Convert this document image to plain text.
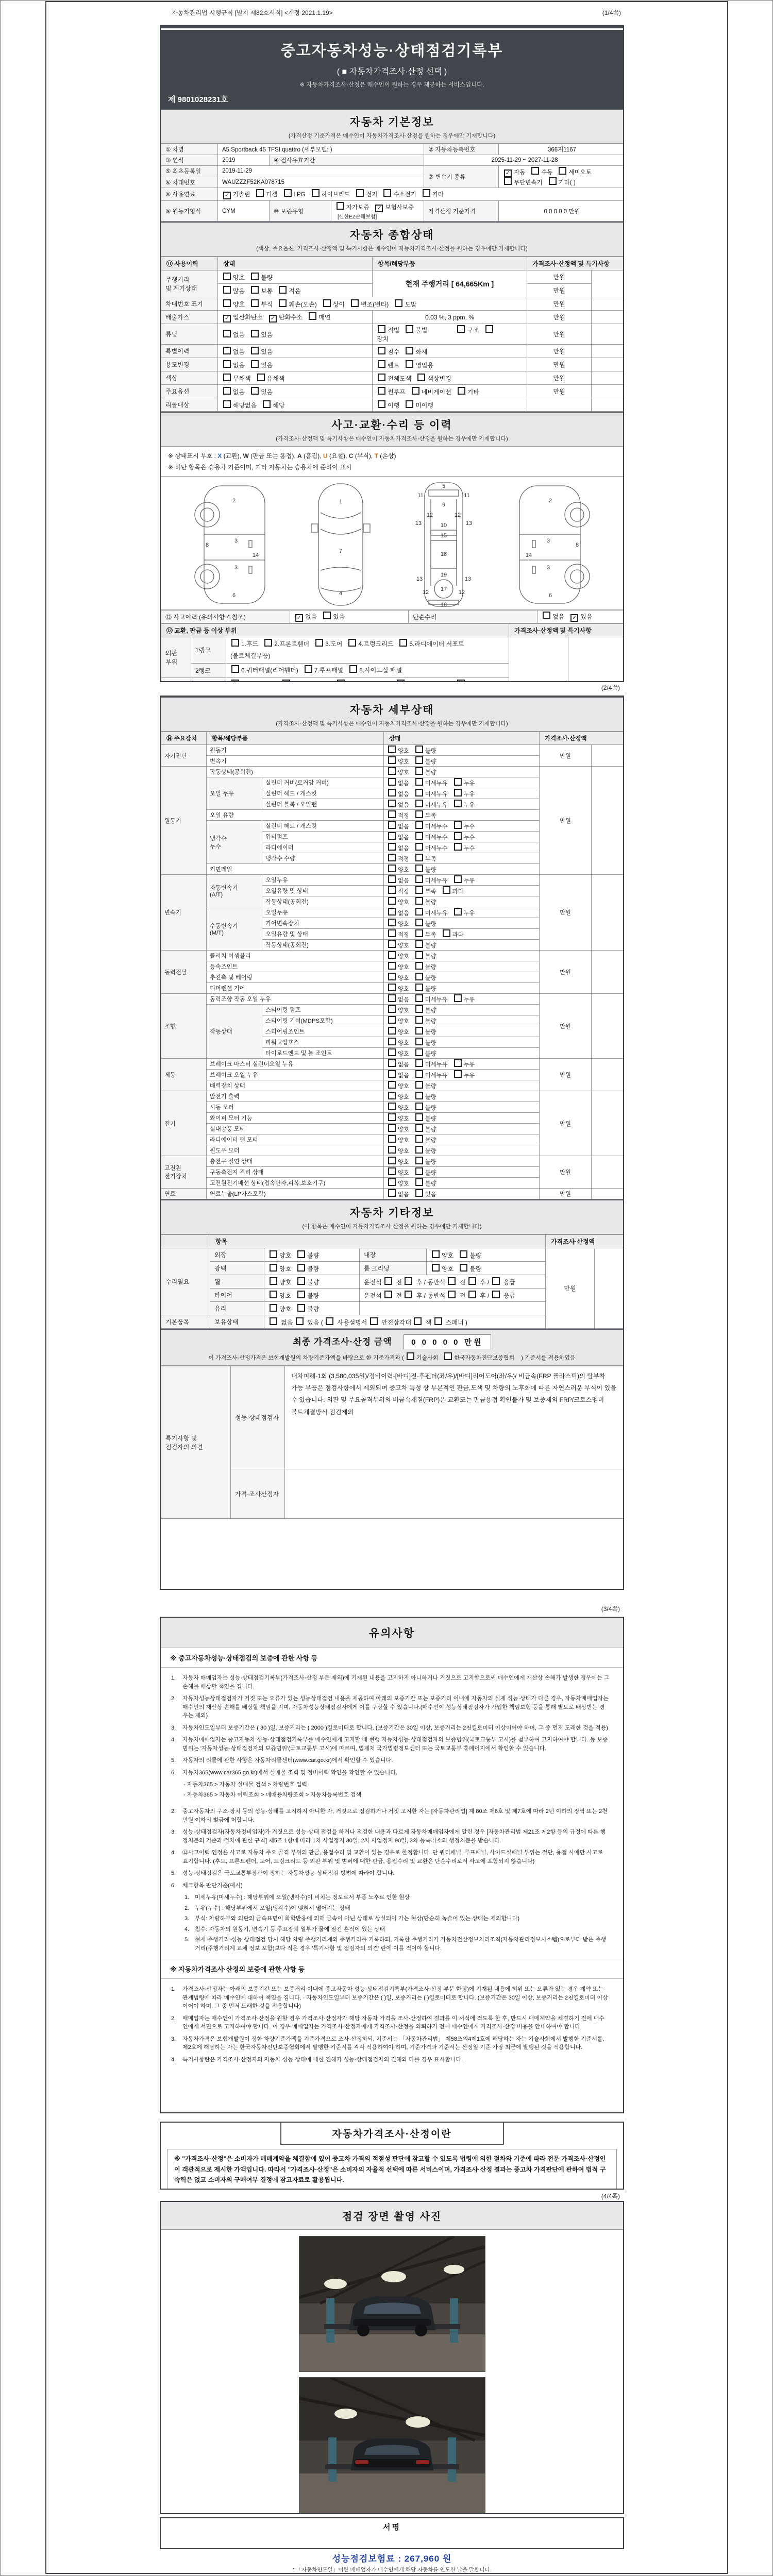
자동차관리법 시행규칙 [별지 제82호서식] <개정 2021.1.19>	(1/4쪽)
중고자동차성능·상태점검기록부
( ■ 자동차가격조사·산정 선택 )
※ 자동차가격조사·산정은 매수인이 원하는 경우 제공하는 서비스입니다.
제 9801028231호
자동차 기본정보
(가격산정 기준가격은 매수인이 자동차가격조사·산정을 원하는 경우에만 기재합니다)
① 차명	A5 Sportback 45 TFSI quattro (세부모델: )			② 자동차등록번호	366저1167
③ 연식	2019	④ 검사유효기간		2025-11-29 ~ 2027-11-28	
⑤ 최초등록일	2019-11-29			⑦ 변속기 종류	✓ 자동 수동 세미오토
무단변속기 기타( )
⑥ 차대번호	WAUZZZF52KA078715				
⑧ 사용연료	✓ 가솔린 디젤 LPG 하이브리드 전기 수소전기 기타				
⑨ 원동기형식	CYM	⑩ 보증유형	자가보증 ✓ 보험사보증[신한EZ손해보험]	가격산정 기준가격	0 0 0 0 0 만원
자동차 종합상태
(색상, 주요옵션, 가격조사·산정액 및 특기사항은 매수인이 자동차가격조사·산정을 원하는 경우에만 기재합니다)
⑪ 사용이력	상태	항목/해당부품	가격조사·산정액 및 특기사항	
주행거리
및 계기상태	양호 불량	현재 주행거리 [ 64,665Km ]	만원	
	많음 보통 적음		만원	
차대번호 표기	양호 부식 훼손(오손) 상이 변조(변타) 도말		만원	
배출가스	✓ 일산화탄소 ✓ 탄화수소 매연	0.03 %, 3 ppm, %	만원	
튜닝	없음 있음	적법 불법 구조장치	만원	
특별이력	없음 있음	침수 화재	만원	
용도변경	없음 있음	렌트 영업용	만원	
색상	무채색 유채색	전체도색 색상변경	만원	
주요옵션	없음 있음	썬루프 네비게이션 기타	만원	
리콜대상	해당없음 해당	이행 미이행		
사고·교환·수리 등 이력
(가격조사·산정액 및 특기사항은 매수인이 자동차가격조사·산정을 원하는 경우에만 기재합니다)
※ 상태표시 부호 : X (교환), W (판금 또는 용접), A (흠집), U (요철), C (부식), T (손상)
※ 하단 항목은 승용차 기준이며, 기타 자동차는 승용차에 준하여 표시
2
8
3
3
14
6
1
7
4
5
11	11
9
12	12
13	13
10
15
16
19
13	13
12	12
17
18
2
8
3
3
14
6
⑫ 사고이력 (유의사항 4.참조)	✓ 없음	있음	단순수리	없음 ✓ 있음
⑬ 교환, 판금 등 이상 부위			가격조사·산정액 및 특기사항	
외판
부위	1랭크	1.후드 2.프론트휀더 3.도어 4.트렁크리드 5.라디에이터 서포트(볼트체결부품)		
	2랭크	6.쿼터패널(리어휀더) 7.루프패널 8.사이드실 패널		

(2/4쪽)
자동차 세부상태
(가격조사·산정액 및 특기사항은 매수인이 자동차가격조사·산정을 원하는 경우에만 기재합니다)
⑭ 주요장치	항목/해당부품		상태	가격조사·산정액	
자기진단	원동기		양호 불량	만원	
	변속기		양호 불량		
원동기	작동상태(공회전)		양호 불량	만원	
	오일 누유	실린더 커버(로커암 커버)	없음 미세누유 누유		
		실린더 헤드 / 개스킷	없음 미세누유 누유		
		실린더 블록 / 오일팬	없음 미세누유 누유		
	오일 유량		적정 부족		
	냉각수
누수	실린더 헤드 / 개스킷	없음 미세누수 누수		
		워터펌프	없음 미세누수 누수		
		라디에이터	없음 미세누수 누수		
		냉각수 수량	적정 부족		
	커먼레일		양호 불량		
변속기	자동변속기
(A/T)	오일누유	없음 미세누유 누유	만원	
		오일유량 및 상태	적정 부족 과다		
		작동상태(공회전)	양호 불량		
	수동변속기
(M/T)	오일누유	없음 미세누유 누유		
		기어변속장치	양호 불량		
		오일유량 및 상태	적정 부족 과다		
		작동상태(공회전)	양호 불량		
동력전달	클러치 어셈블리		양호 불량	만원	
	등속조인트		양호 불량		
	추진축 및 베어링		양호 불량		
	디퍼렌셜 기어		양호 불량		
조향	동력조향 작동 오일 누유		없음 미세누유 누유	만원	
	작동상태	스티어링 펌프	양호 불량		
		스티어링 기어(MDPS포함)	양호 불량		
		스티어링조인트	양호 불량		
		파워고압호스	양호 불량		
		타이로드엔드 및 볼 조인트	양호 불량		
제동	브레이크 마스터 실린더오일 누유		없음 미세누유 누유	만원	
	브레이크 오일 누유		없음 미세누유 누유		
	배력장치 상태		양호 불량		
전기	발전기 출력		양호 불량	만원	
	시동 모터		양호 불량		
	와이퍼 모터 기능		양호 불량		
	실내송풍 모터		양호 불량		
	라디에이터 팬 모터		양호 불량		
	윈도우 모터		양호 불량		
고전원
전기장치	충전구 절연 상태		양호 불량	만원	
	구동축전지 격리 상태		양호 불량		
	고전원전기배선 상태(접속단자,피복,보호기구)		양호 불량		
연료	연료누출(LP가스포함)		없음 있음	만원	
자동차 기타정보
(이 항목은 매수인이 자동차가격조사·산정을 원하는 경우에만 기재합니다)
	항목				가격조사·산정액	
수리필요	외장	양호 불량	내장	양호 불량	만원	
	광택	양호 불량	룸 크리닝	양호 불량		
	휠	양호 불량	운전석  전  후 / 동반석  전  후 /  응급			
	타이어	양호 불량	운전석  전  후 / 동반석  전  후 /  응급			
	유리	양호 불량				
기본품목	보유상태	없음  있음 (  사용설명서  안전삼각대  잭  스패너 )				
최종 가격조사·산정 금액 0 0 0 0 0 만원
이 가격조사·산정가격은 보험개발원의 차량기준가액을 바탕으로 한 기준가격과 ( 기술사회	한국자동차진단보증협회 ) 기준서를 적용하였음
특기사항 및
점검자의 의견	성능·상태점검자	내차피해-1회 (3,580,035원)/정비이력-[바디]전·후펜더(좌/우)/[바디]리어도어(좌/우)/ 비금속(FRP 플라스틱)의 탈부착 가능 부품은 점검사항에서 제외되며 중고차 특성 상 부분적인 판금,도색 및 차량의 노후화에 따른 자연스러운 부식이 있을 수 있습니다. 외판 및 주요골격부위의 비금속재질(FRP)은 교환또는 판금용접 확인불가 및 보증제외 FRP/크로스멤버 볼트체결방식 점검제외
	가격·조사산정자	
(3/4쪽)
유의사항
※ 중고자동차성능·상태점검의 보증에 관한 사항 등
1.	자동차 매매업자는 성능·상태점검기록부(가격조사·산정 부분 제외)에 기재된 내용을 고지하지 아니하거나 거짓으로 고지함으로써 매수인에게 재산상 손해가 발생한 경우에는 그 손해를 배상할 책임을 집니다.
2.	자동차성능상태점검자가 거짓 또는 오류가 있는 성능상태점검 내용을 제공하여 아래의 보증기간 또는 보증거리 이내에 자동차의 실제 성능·상태가 다른 경우, 자동차매매업자는 매수인의 재산상 손해를 배상할 책임을 지며, 자동차성능상태점검자에게 이를 구상할 수 있습니다.(매수인이 성능상태점검자가 가입한 책임보험 등을 통해 별도로 배상받는 경우는 제외)
3.	자동차인도일부터 보증기간은 ( 30 )일, 보증거리는 ( 2000 )킬로미터로 합니다. (보증기간은 30일 이상, 보증거리는 2천킬로미터 이상이어야 하며, 그 중 먼저 도래한 것을 적용)
4.	자동차매매업자는 중고자동차 성능·상태점검기록부를 매수인에게 고지할 때 현행 자동차성능·상태점검자의 보증범위(국토교통부 고시)를 첨부하여 고지하여야 합니다. 동 보증범위는 '자동차성능·상태점검자의 보증범위'(국토교통부 고시)에 따르며, 법제처 국가법령정보센터 또는 국토교통부 홈페이지에서 확인할 수 있습니다.
5.	자동차의 리콜에 관한 사항은 자동차리콜센터(www.car.go.kr)에서 확인할 수 있습니다.
6.	자동차365(www.car365.go.kr)에서 실매물 조회 및 정비이력 확인을 확인할 수 있습니다.
- 자동차365 > 자동차 실매물 검색 > 차량번호 입력
- 자동차365 > 자동차 이력조회 > 매매용차량조회 > 자동차등록번호 검색
2.	중고자동차의 구조·장치 등의 성능·상태를 고지하지 아니한 자, 거짓으로 점검하거나 거짓 고지한 자는 [자동차관리법] 제 80조 제6호 및 제7호에 따라 2년 이하의 징역 또는 2천만원 이하의 벌금에 처합니다.
3.	성능·상태점검자(자동차정비업자)가 거짓으로 성능·상태 점검을 하거나 점검한 내용과 다르게 자동차매매업자에게 알린 경우 [자동차관리법 제21조 제2항 등의 규정에 따른 행정처분의 기준과 절차에 관한 규칙] 제5조 1항에 따라 1차 사업정지 30일, 2차 사업정지 90일, 3차 등록취소의 행정처분을 받습니다.
4.	⑫사고이력 인정은 사고로 자동차 주요 골격 부위의 판금, 용접수리 및 교환이 있는 경우로 한정합니다. 단 쿼터패널, 루프패널, 사이드실패널 부위는 절단, 용접 시에만 사고로 표기합니다. (후드, 프론트펜더, 도어, 트렁크리드 등 외판 부위 및 범퍼에 대한 판금, 용접수리 및 교환은 단순수리로서 사고에 포함되지 않습니다)
5.	성능·상태점검은 국토교통부장관이 정하는 자동차성능·상태점검 방법에 따라야 합니다.
6.	체크항목 판단기준(예시)
1. 미세누유(미세누수) : 해당부위에 오일(냉각수)이 비치는 정도로서 부품 노후로 인한 현상
2. 누유(누수) : 해당부위에서 오일(냉각수)이 맺혀서 떨어지는 상태
3. 부식: 차량하부와 외판의 금속표면이 화학반응에 의해 금속이 아닌 상태로 상실되어 가는 현상(단순히 녹슬어 있는 상태는 제외합니다)
4. 침수: 자동차의 원동기, 변속기 등 주요장치 일부가 물에 잠긴 흔적이 있는 상태
5. 현재 주행거리·성능·상태점검 당시 해당 차량 주행거리계의 주행거리를 기록하되, 기록한 주행거리가 자동차전산정보처리조직(자동차관리정보시스템)으로부터 받은 주행거리(주행거리계 교체 정보 포함)보다 적은 경우 '특기사항 및 점검자의 의견' 란에 이를 적어야 합니다.
※ 자동차가격조사·산정의 보증에 관한 사항 등
1.	가격조사·산정자는 아래의 보증기간 또는 보증거리 이내에 중고자동차 성능·상태점검기록부(가격조사·산정 부분 한정)에 기재된 내용에 허위 또는 오류가 있는 경우 계약 또는 관계법령에 따라 매수인에 대하여 책임을 집니다. · 자동차인도일부터 보증기간은 ( )일, 보증거리는 ( )킬로미터로 합니다. (보증기간은 30일 이상, 보증거리는 2천킬로미터 이상이어야 하며, 그 중 먼저 도래한 것을 적용합니다)
2.	매매업자는 매수인이 가격조사·산정을 원할 경우 가격조사·산정자가 해당 자동차 가격을 조사·산정하여 결과를 이 서식에 적도록 한 후, 반드시 매매계약을 체결하기 전에 매수인에게 서면으로 고지하여야 합니다. 이 경우 매매업자는 가격조사·산정자에게 가격조사·산정을 의뢰하기 전에 매수인에게 가격조사·산정 비용을 안내하여야 합니다.
3.	자동차가격은 보험개발원이 정한 차량기준가액을 기준가격으로 조사·산정하되, 기준서는 「자동차관리법」 제58조의4제1호에 해당하는 자는 기술사회에서 발행한 기준서를, 제2호에 해당하는 자는 한국자동차진단보증협회에서 발행한 기준서를 각각 적용하여야 하며, 기준가격과 기준서는 산정일 기준 가장 최근에 발행된 것을 적용합니다.
4.	특기사항란은 가격조사·산정자의 자동차 성능·상태에 대한 견해가 성능·상태점검자의 견해와 다를 경우 표시합니다.
자동차가격조사·산정이란
※ "가격조사·산정"은 소비자가 매매계약을 체결함에 있어 중고차 가격의 적절성 판단에 참고할 수 있도록 법령에 의한 절차와 기준에 따라 전문 가격조사·산정인이 객관적으로 제시한 가액입니다. 따라서 "가격조사·산정"은 소비자의 자율적 선택에 따른 서비스이며, 가격조사·산정 결과는 중고차 가격판단에 관하여 법적 구속력은 없고 소비자의 구매여부 결정에 참고자료로 활용됩니다.
(4/4쪽)
점검 장면 촬영 사진
서명
성능점검보험료 : 267,960 원
* 「자동차인도일」이란 매매업자가 매수인에게 해당 자동차를 인도한 날을 말합니다.
